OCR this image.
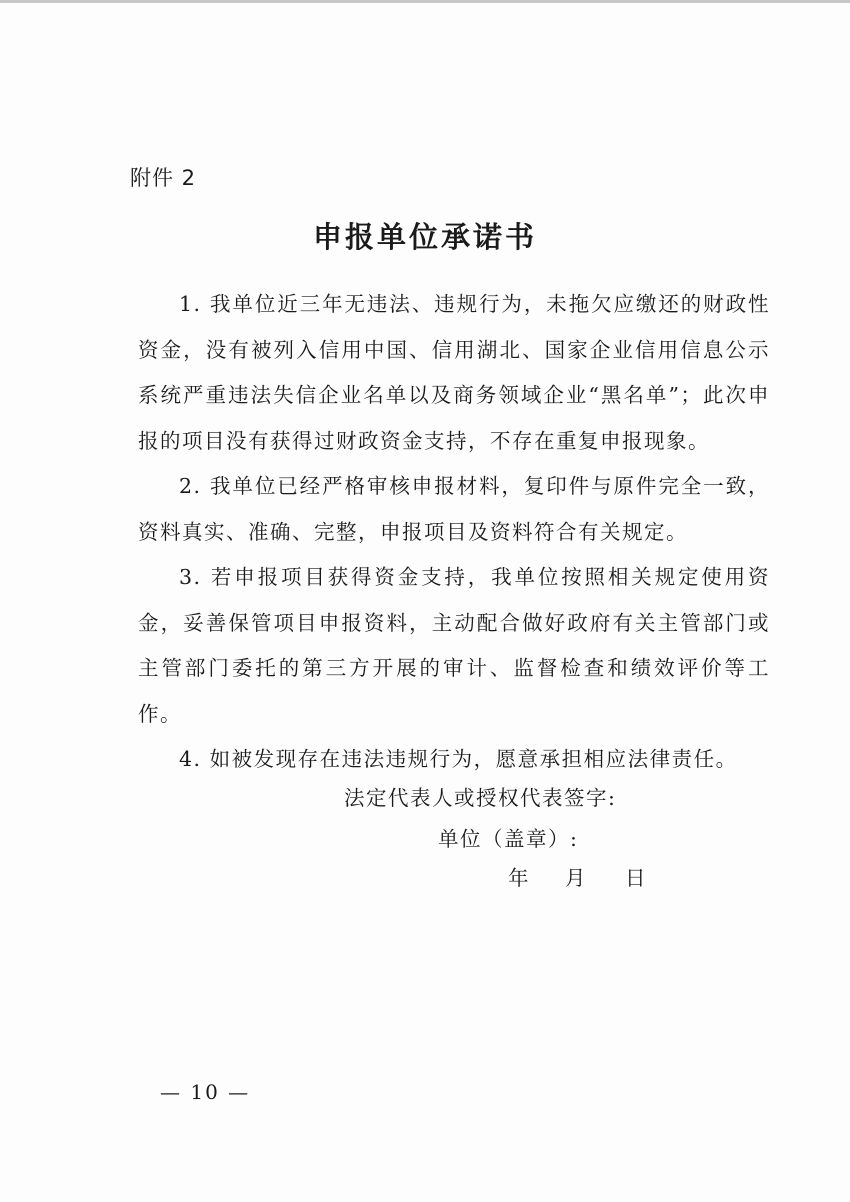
附件 2
申报单位承诺书

1. 我单位近三年无违法、违规行为，未拖欠应缴还的财政性资金，没有被列入信用中国、信用湖北、国家企业信用信息公示系统严重违法失信企业名单以及商务领域企业“黑名单”；此次申报的项目没有获得过财政资金支持，不存在重复申报现象。

2. 我单位已经严格审核申报材料，复印件与原件完全一致，资料真实、准确、完整，申报项目及资料符合有关规定。

3. 若申报项目获得资金支持，我单位按照相关规定使用资金，妥善保管项目申报资料，主动配合做好政府有关主管部门或主管部门委托的第三方开展的审计、监督检查和绩效评价等工作。

4. 如被发现存在违法违规行为，愿意承担相应法律责任。

法定代表人或授权代表签字:
单位（盖章）:
年 月 日
— 10 —
